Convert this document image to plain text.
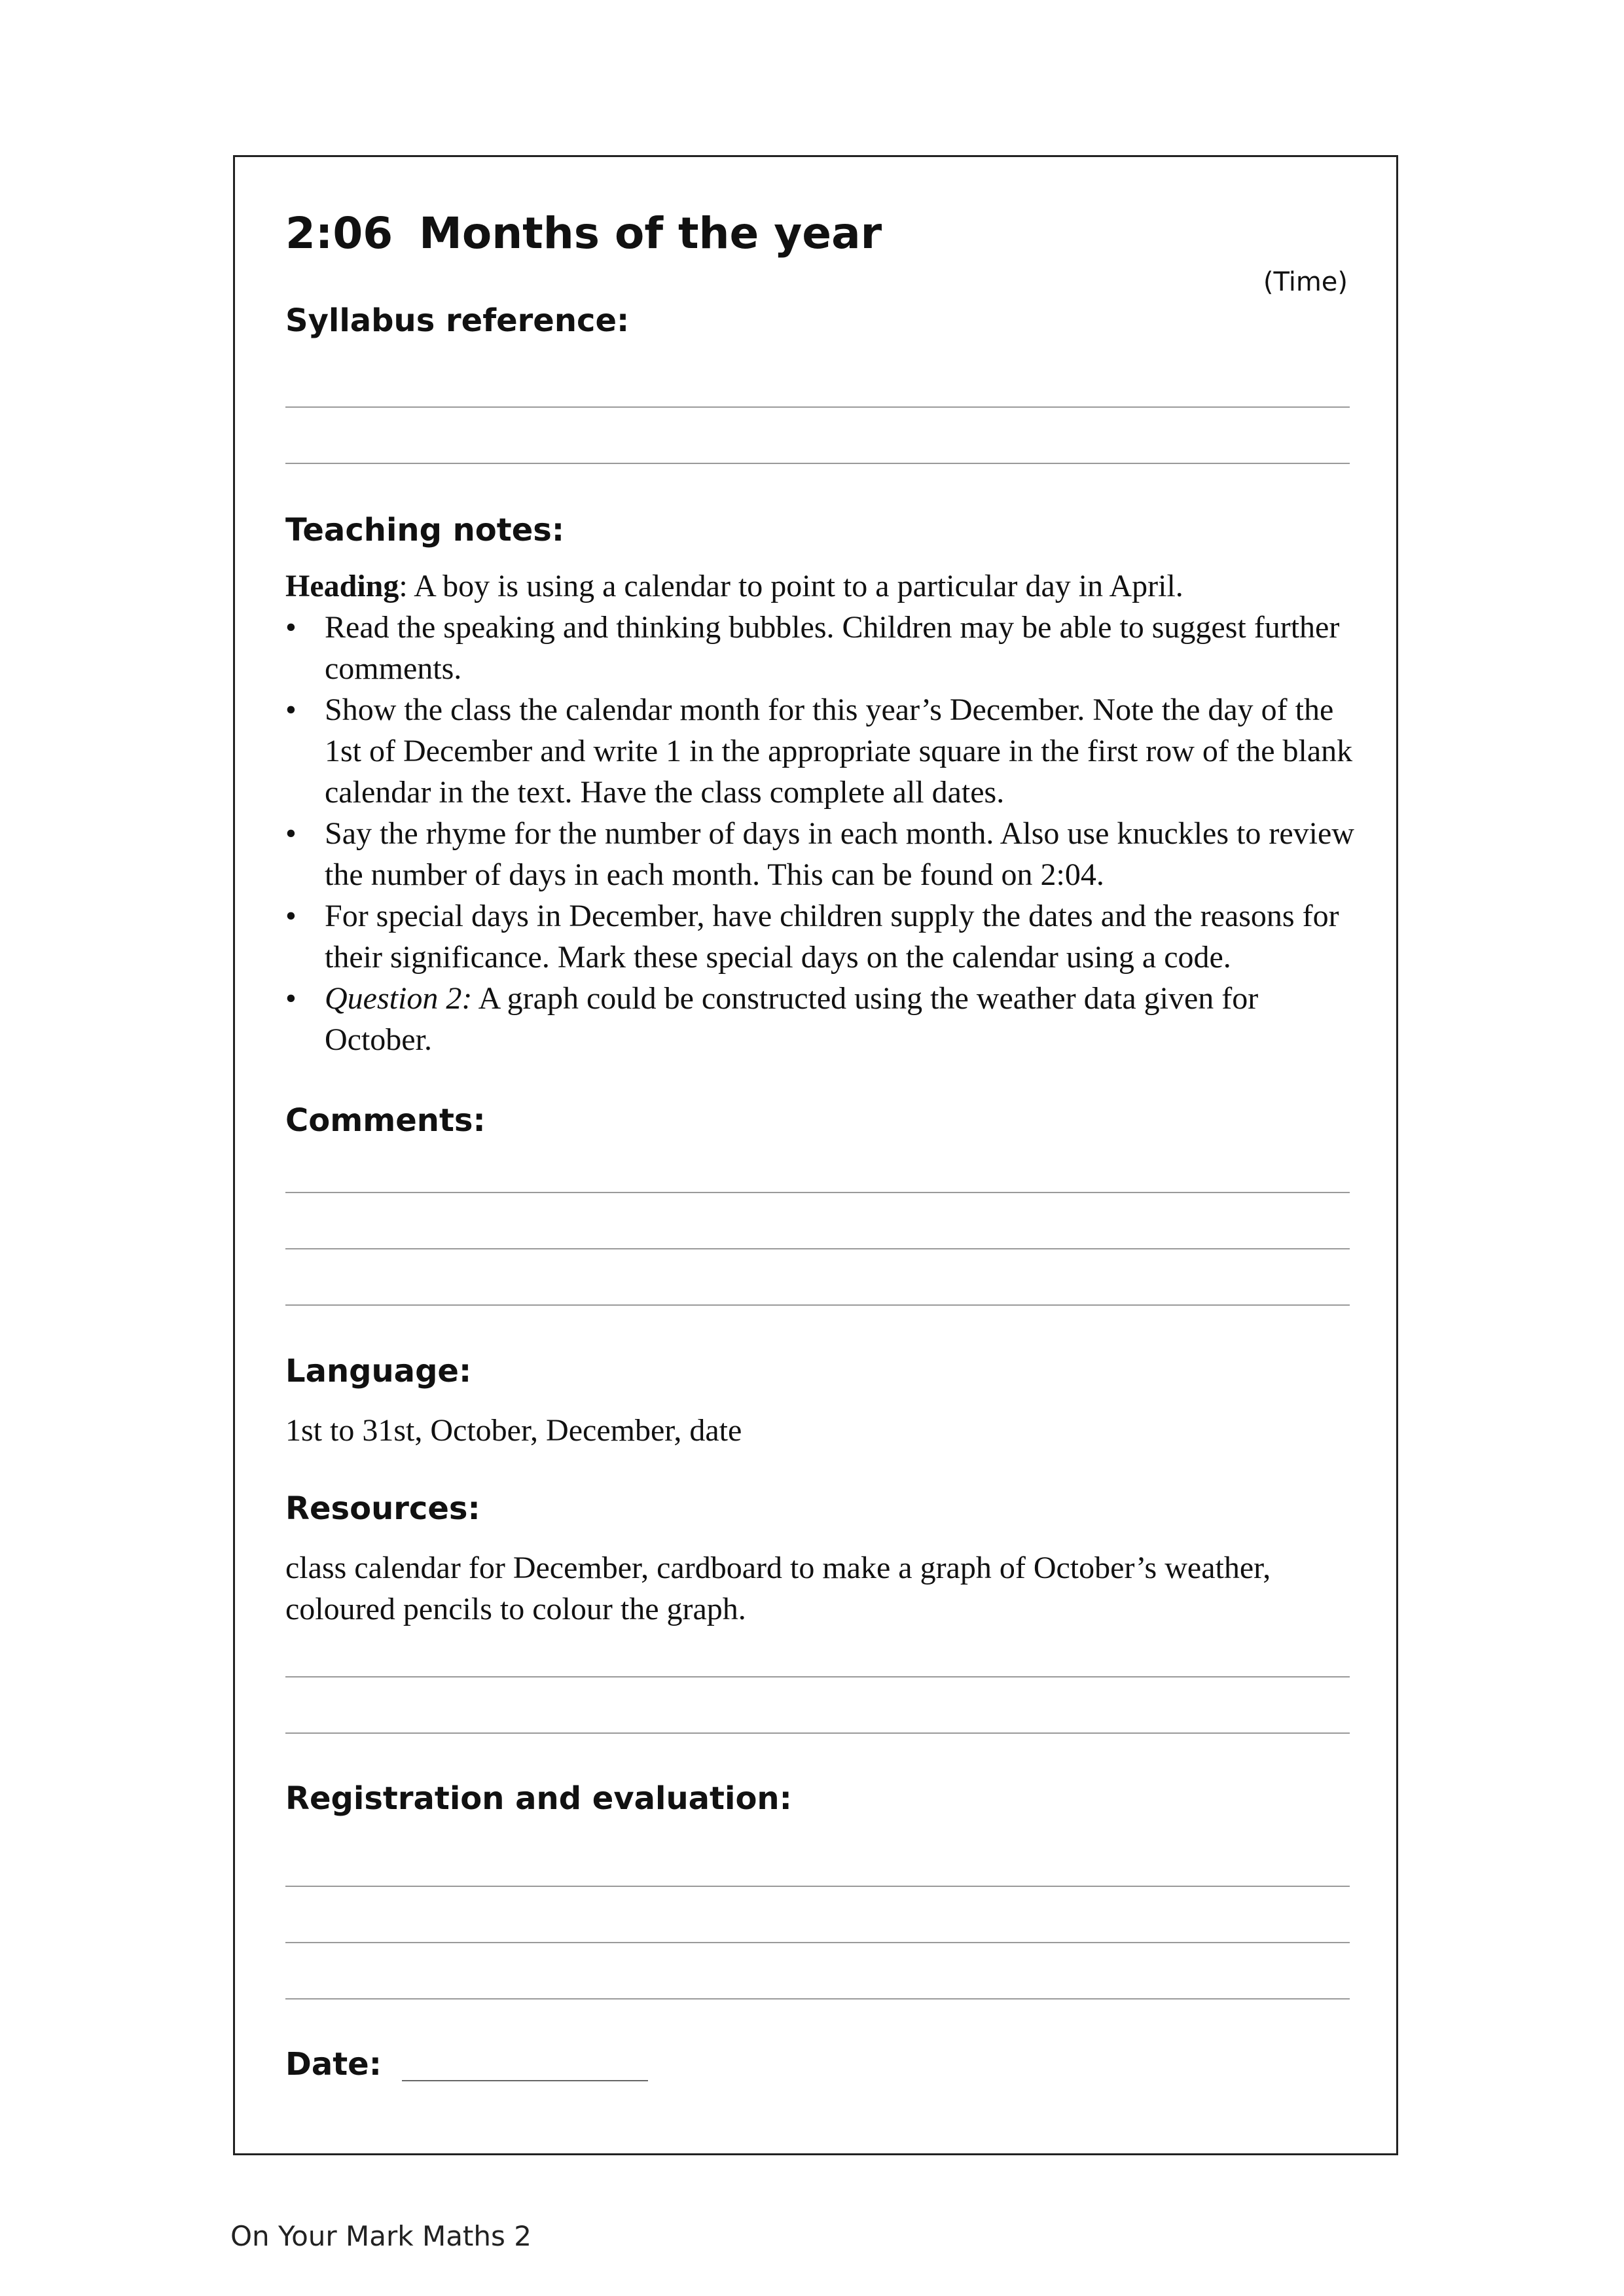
2:06 Months of the year
(Time)
Syllabus reference:
Teaching notes:

Heading: A boy is using a calendar to point to a particular day in April.

• Read the speaking and thinking bubbles. Children may be able to suggest further comments.
• Show the class the calendar month for this year’s December. Note the day of the 1st of December and write 1 in the appropriate square in the first row of the blank calendar in the text. Have the class complete all dates.
• Say the rhyme for the number of days in each month. Also use knuckles to review the number of days in each month. This can be found on 2:04.
• For special days in December, have children supply the dates and the reasons for their significance. Mark these special days on the calendar using a code.
• Question 2: A graph could be constructed using the weather data given for October.
Comments:
Language:
1st to 31st, October, December, date
Resources:
class calendar for December, cardboard to make a graph of October’s weather, coloured pencils to colour the graph.
Registration and evaluation:
Date:
On Your Mark Maths 2
